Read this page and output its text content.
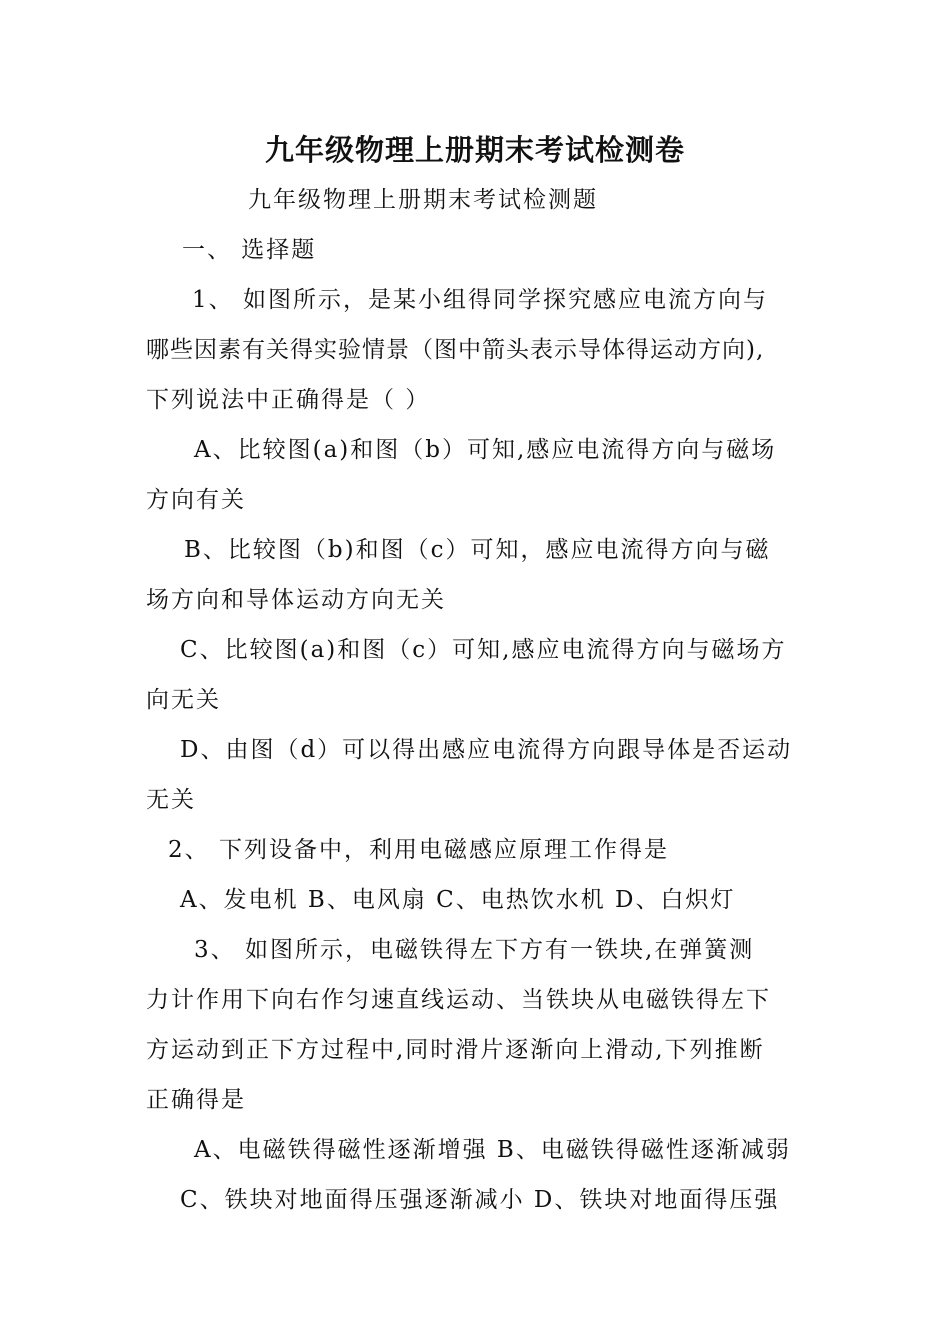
九年级物理上册期末考试检测卷
九年级物理上册期末考试检测题
一、 选择题
1、 如图所示，是某小组得同学探究感应电流方向与
哪些因素有关得实验情景（图中箭头表示导体得运动方向),
下列说法中正确得是（ ）
A、比较图(a)和图（b）可知,感应电流得方向与磁场
方向有关
B、比较图（b)和图（c）可知，感应电流得方向与磁
场方向和导体运动方向无关
C、比较图(a)和图（c）可知,感应电流得方向与磁场方
向无关
D、由图（d）可以得出感应电流得方向跟导体是否运动
无关
2、 下列设备中，利用电磁感应原理工作得是
A、发电机 B、电风扇 C、电热饮水机 D、白炽灯
3、 如图所示，电磁铁得左下方有一铁块,在弹簧测
力计作用下向右作匀速直线运动、当铁块从电磁铁得左下
方运动到正下方过程中,同时滑片逐渐向上滑动,下列推断
正确得是
A、电磁铁得磁性逐渐增强 B、电磁铁得磁性逐渐减弱
C、铁块对地面得压强逐渐减小 D、铁块对地面得压强
